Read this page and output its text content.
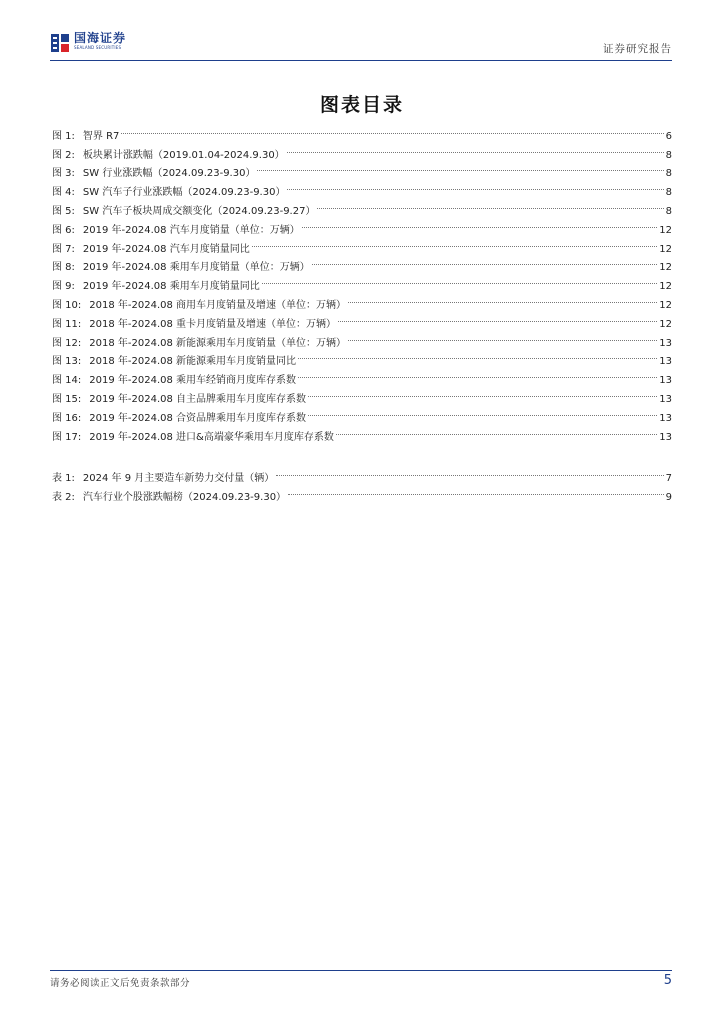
国海证券
SEALAND SECURITIES	证券研究报告
图表目录
图 1: 智界 R7	6
图 2: 板块累计涨跌幅（2019.01.04-2024.9.30）	8
图 3: SW 行业涨跌幅（2024.09.23-9.30）	8
图 4: SW 汽车子行业涨跌幅（2024.09.23-9.30）	8
图 5: SW 汽车子板块周成交额变化（2024.09.23-9.27）	8
图 6: 2019 年-2024.08 汽车月度销量（单位：万辆）	12
图 7: 2019 年-2024.08 汽车月度销量同比	12
图 8: 2019 年-2024.08 乘用车月度销量（单位：万辆）	12
图 9: 2019 年-2024.08 乘用车月度销量同比	12
图 10: 2018 年-2024.08 商用车月度销量及增速（单位：万辆）	12
图 11: 2018 年-2024.08 重卡月度销量及增速（单位：万辆）	12
图 12: 2018 年-2024.08 新能源乘用车月度销量（单位：万辆）	13
图 13: 2018 年-2024.08 新能源乘用车月度销量同比	13
图 14: 2019 年-2024.08 乘用车经销商月度库存系数	13
图 15: 2019 年-2024.08 自主品牌乘用车月度库存系数	13
图 16: 2019 年-2024.08 合资品牌乘用车月度库存系数	13
图 17: 2019 年-2024.08 进口&高端豪华乘用车月度库存系数	13
表 1: 2024 年 9 月主要造车新势力交付量（辆）	7
表 2: 汽车行业个股涨跌幅榜（2024.09.23-9.30）	9
请务必阅读正文后免责条款部分	5
